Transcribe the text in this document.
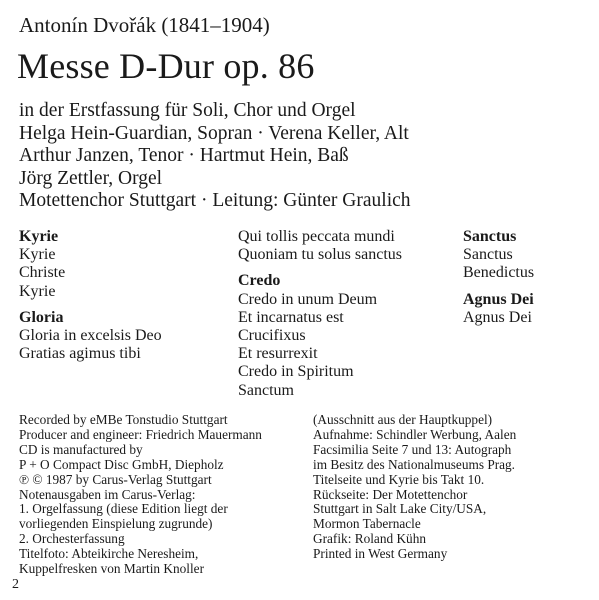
Antonín Dvořák (1841–1904)
Messe D-Dur op. 86
in der Erstfassung für Soli, Chor und Orgel
Helga Hein-Guardian, Sopran · Verena Keller, Alt
Arthur Janzen, Tenor · Hartmut Hein, Baß
Jörg Zettler, Orgel
Motettenchor Stuttgart · Leitung: Günter Graulich
Kyrie
Kyrie
Christe
Kyrie
Gloria
Gloria in excelsis Deo
Gratias agimus tibi
Qui tollis peccata mundi
Quoniam tu solus sanctus
Credo
Credo in unum Deum
Et incarnatus est
Crucifixus
Et resurrexit
Credo in Spiritum
Sanctum
Sanctus
Sanctus
Benedictus
Agnus Dei
Agnus Dei
Recorded by eMBe Tonstudio Stuttgart
Producer and engineer: Friedrich Mauermann
CD is manufactured by
P + O Compact Disc GmbH, Diepholz
℗ © 1987 by Carus-Verlag Stuttgart
Notenausgaben im Carus-Verlag:
1. Orgelfassung (diese Edition liegt der
vorliegenden Einspielung zugrunde)
2. Orchesterfassung
Titelfoto: Abteikirche Neresheim,
Kuppelfresken von Martin Knoller
(Ausschnitt aus der Hauptkuppel)
Aufnahme: Schindler Werbung, Aalen
Facsimilia Seite 7 und 13: Autograph
im Besitz des Nationalmuseums Prag.
Titelseite und Kyrie bis Takt 10.
Rückseite: Der Motettenchor
Stuttgart in Salt Lake City/USA,
Mormon Tabernacle
Grafik: Roland Kühn
Printed in West Germany
2
